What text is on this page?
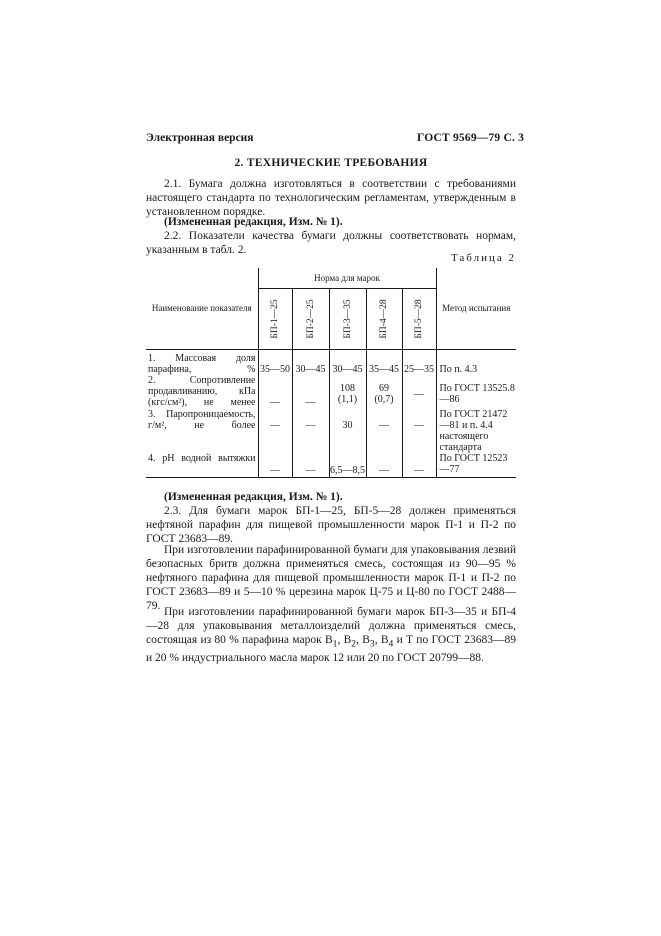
Электронная версия	ГОСТ 9569—79 С. 3
2. ТЕХНИЧЕСКИЕ ТРЕБОВАНИЯ
2.1. Бумага должна изготовляться в соответствии с требованиями настоящего стандарта по технологическим регламентам, утвержденным в установленном порядке.
(Измененная редакция, Изм. № 1).
2.2. Показатели качества бумаги должны соответствовать нормам, указанным в табл. 2.
Таблица 2
Наименование показателя	Норма для марок					Метод испытания

	БП-1—25	БП-2—25	БП-3—35	БП-4—28	БП-5—28	

1. Массовая доля парафина, %	35—50	30—45	30—45	35—45	25—35	По п. 4.3
2. Сопротивление продавливанию, кПа (кгс/см²), не менее	—	—	108 (1,1)	69 (0,7)	—	По ГОСТ 13525.8—86
3. Паропроницаемость, г/м², не более	—	—	30	—	—	По ГОСТ 21472—81 и п. 4.4 настоящего стандарта
4. pH водной вытяжки	—	—	6,5—8,5	—	—	По ГОСТ 12523—77
(Измененная редакция, Изм. № 1).
2.3. Для бумаги марок БП-1—25, БП-5—28 должен применяться нефтяной парафин для пищевой промышленности марок П-1 и П-2 по ГОСТ 23683—89.
При изготовлении парафинированной бумаги для упаковывания лезвий безопасных бритв должна применяться смесь, состоящая из 90—95 % нефтяного парафина для пищевой промышленности марок П-1 и П-2 по ГОСТ 23683—89 и 5—10 % церезина марок Ц-75 и Ц-80 по ГОСТ 2488—79. При изготовлении парафинированной бумаги марок БП-3—35 и БП-4—28 для упаковывания металлоизделий должна применяться смесь, состоящая из 80 % парафина марок $В_1$, $В_2$, $В_3$, $В_4$ и Т по ГОСТ 23683—89 и 20 % индустриального масла марок 12 или 20 по ГОСТ 20799—88.
